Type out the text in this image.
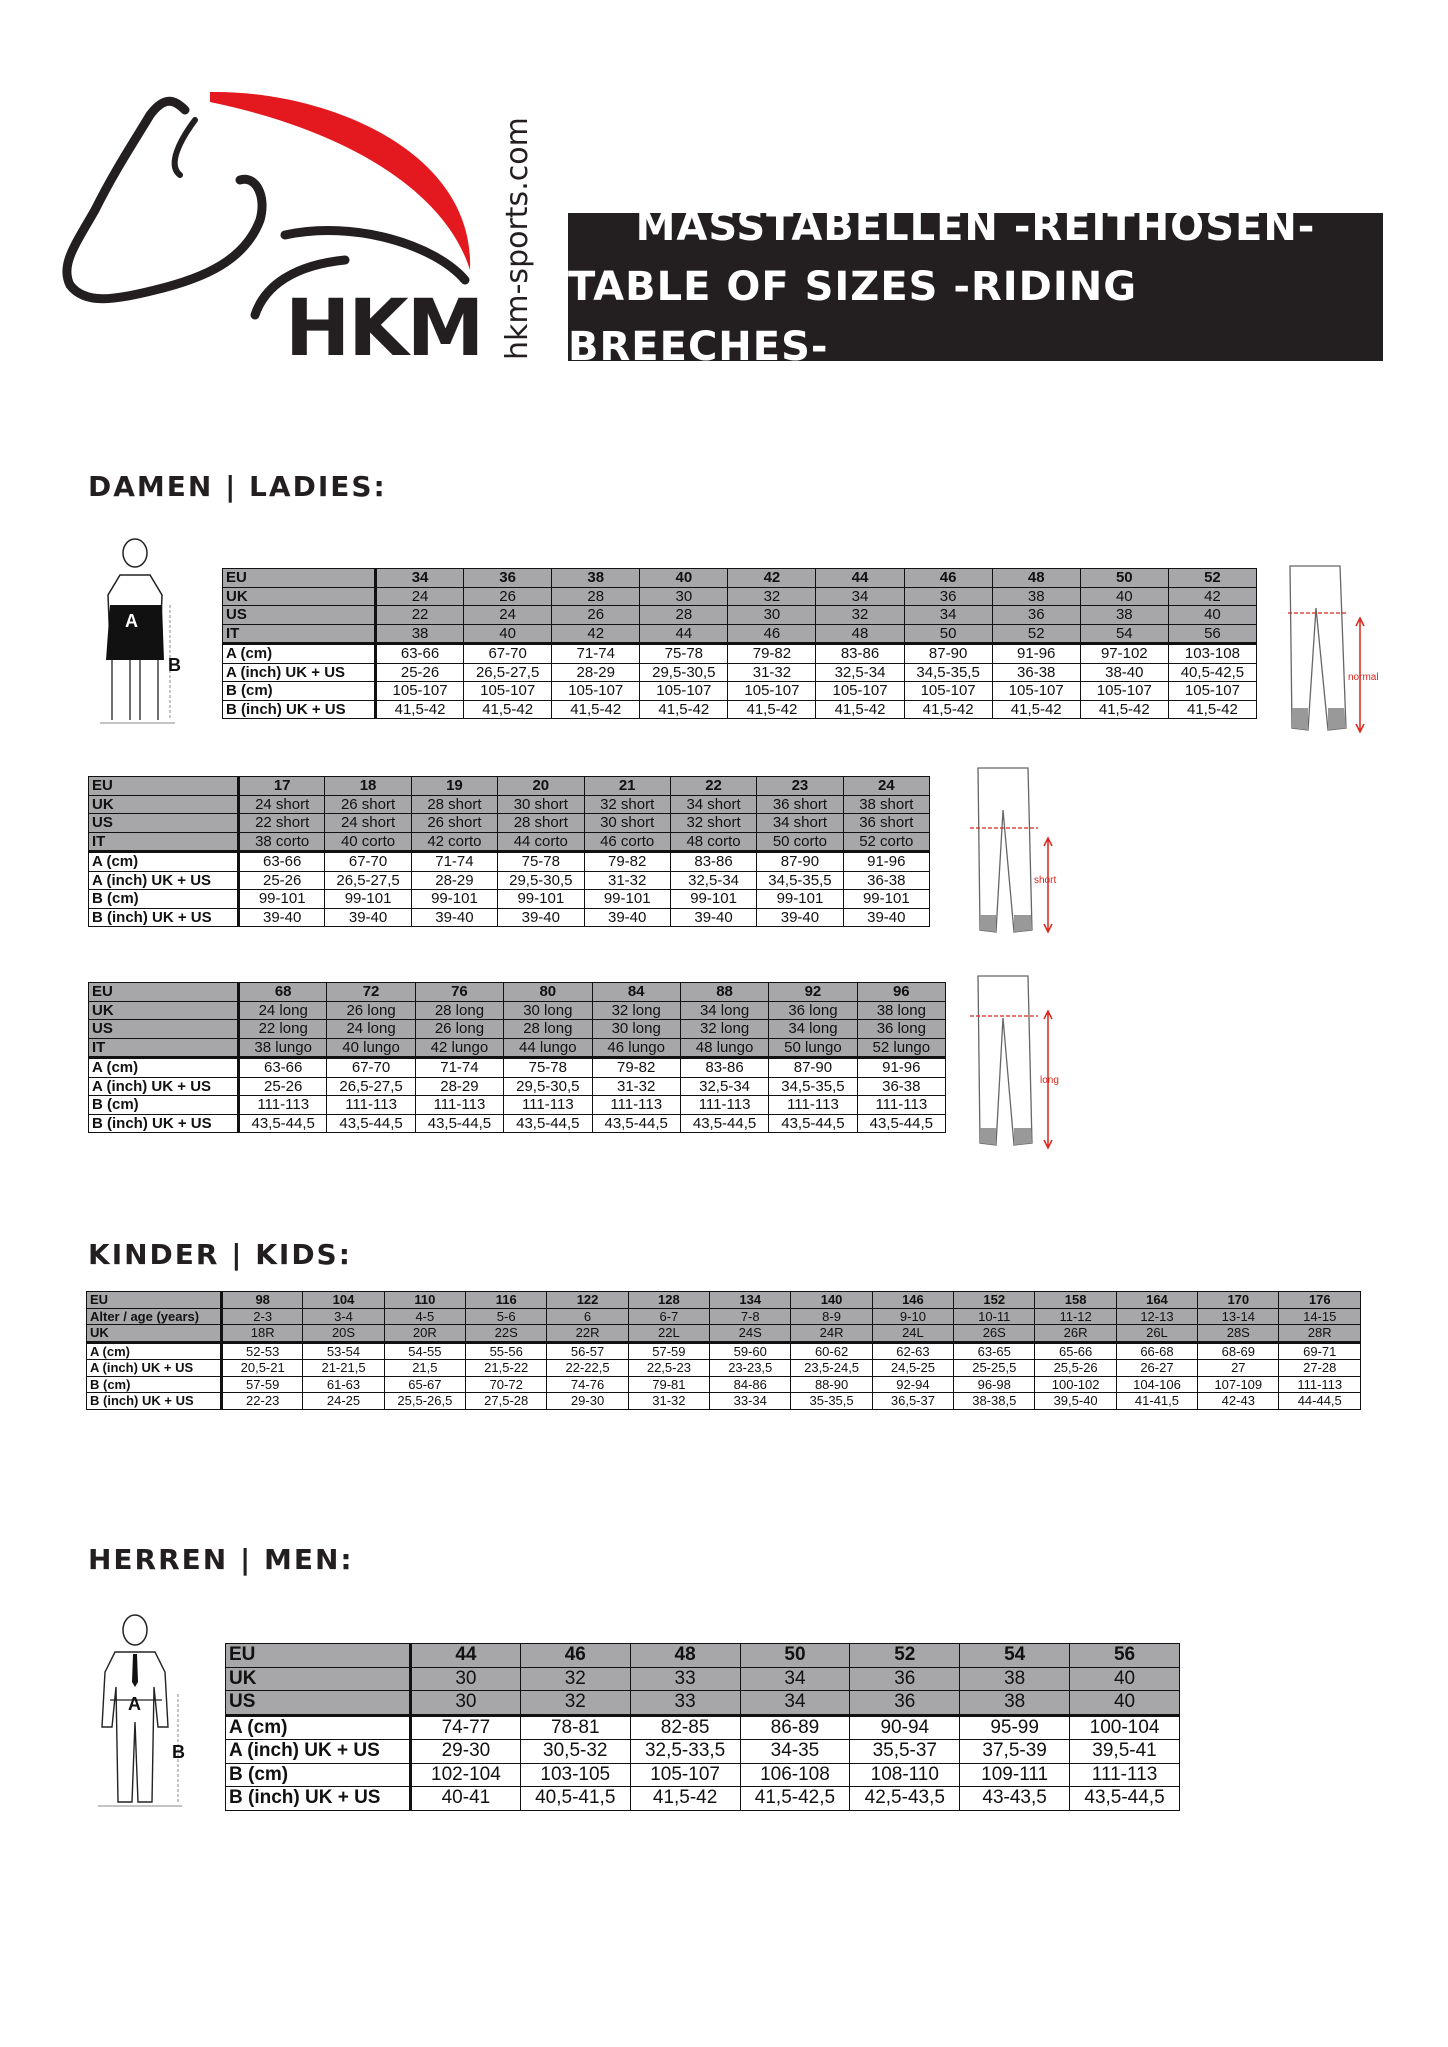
HKM hkm-sports.com	MASSTABELLEN -REITHOSEN-
TABLE OF SIZES -RIDING BREECHES-
DAMEN | LADIES:
A
B
EU	34	36	38	40	42	44	46	48	50	52
UK	24	26	28	30	32	34	36	38	40	42
US	22	24	26	28	30	32	34	36	38	40
IT	38	40	42	44	46	48	50	52	54	56
A (cm)	63-66	67-70	71-74	75-78	79-82	83-86	87-90	91-96	97-102	103-108
A (inch) UK + US	25-26	26,5-27,5	28-29	29,5-30,5	31-32	32,5-34	34,5-35,5	36-38	38-40	40,5-42,5
B (cm)	105-107	105-107	105-107	105-107	105-107	105-107	105-107	105-107	105-107	105-107
B (inch) UK + US	41,5-42	41,5-42	41,5-42	41,5-42	41,5-42	41,5-42	41,5-42	41,5-42	41,5-42	41,5-42
EU	17	18	19	20	21	22	23	24
UK	24 short	26 short	28 short	30 short	32 short	34 short	36 short	38 short
US	22 short	24 short	26 short	28 short	30 short	32 short	34 short	36 short
IT	38 corto	40 corto	42 corto	44 corto	46 corto	48 corto	50 corto	52 corto
A (cm)	63-66	67-70	71-74	75-78	79-82	83-86	87-90	91-96
A (inch) UK + US	25-26	26,5-27,5	28-29	29,5-30,5	31-32	32,5-34	34,5-35,5	36-38
B (cm)	99-101	99-101	99-101	99-101	99-101	99-101	99-101	99-101
B (inch) UK + US	39-40	39-40	39-40	39-40	39-40	39-40	39-40	39-40
EU	68	72	76	80	84	88	92	96
UK	24 long	26 long	28 long	30 long	32 long	34 long	36 long	38 long
US	22 long	24 long	26 long	28 long	30 long	32 long	34 long	36 long
IT	38 lungo	40 lungo	42 lungo	44 lungo	46 lungo	48 lungo	50 lungo	52 lungo
A (cm)	63-66	67-70	71-74	75-78	79-82	83-86	87-90	91-96
A (inch) UK + US	25-26	26,5-27,5	28-29	29,5-30,5	31-32	32,5-34	34,5-35,5	36-38
B (cm)	111-113	111-113	111-113	111-113	111-113	111-113	111-113	111-113
B (inch) UK + US	43,5-44,5	43,5-44,5	43,5-44,5	43,5-44,5	43,5-44,5	43,5-44,5	43,5-44,5	43,5-44,5
normal
short
long
KINDER | KIDS:
EU	98	104	110	116	122	128	134	140	146	152	158	164	170	176
Alter / age (years)	2-3	3-4	4-5	5-6	6	6-7	7-8	8-9	9-10	10-11	11-12	12-13	13-14	14-15
UK	18R	20S	20R	22S	22R	22L	24S	24R	24L	26S	26R	26L	28S	28R
A (cm)	52-53	53-54	54-55	55-56	56-57	57-59	59-60	60-62	62-63	63-65	65-66	66-68	68-69	69-71
A (inch) UK + US	20,5-21	21-21,5	21,5	21,5-22	22-22,5	22,5-23	23-23,5	23,5-24,5	24,5-25	25-25,5	25,5-26	26-27	27	27-28
B (cm)	57-59	61-63	65-67	70-72	74-76	79-81	84-86	88-90	92-94	96-98	100-102	104-106	107-109	111-113
B (inch) UK + US	22-23	24-25	25,5-26,5	27,5-28	29-30	31-32	33-34	35-35,5	36,5-37	38-38,5	39,5-40	41-41,5	42-43	44-44,5
HERREN | MEN:
A
B
EU	44	46	48	50	52	54	56
UK	30	32	33	34	36	38	40
US	30	32	33	34	36	38	40
A (cm)	74-77	78-81	82-85	86-89	90-94	95-99	100-104
A (inch) UK + US	29-30	30,5-32	32,5-33,5	34-35	35,5-37	37,5-39	39,5-41
B (cm)	102-104	103-105	105-107	106-108	108-110	109-111	111-113
B (inch) UK + US	40-41	40,5-41,5	41,5-42	41,5-42,5	42,5-43,5	43-43,5	43,5-44,5
